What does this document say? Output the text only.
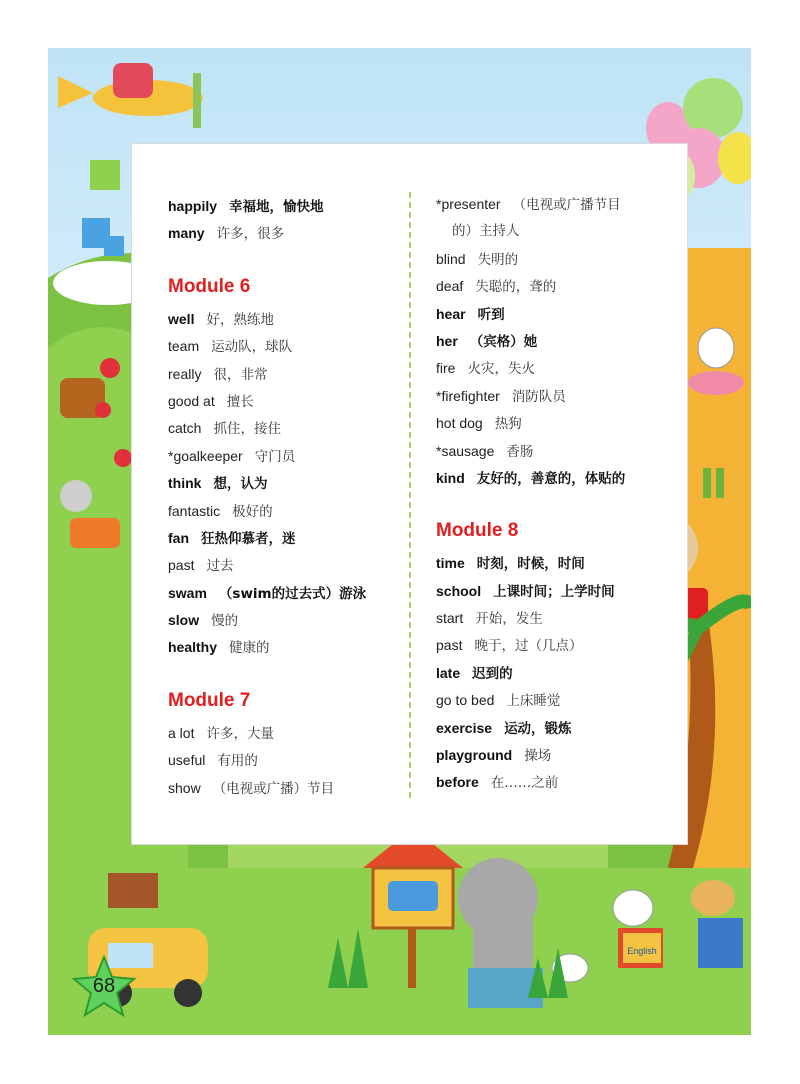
English
happily 幸福地，愉快地
many 许多，很多
Module 6
well 好，熟练地
team 运动队，球队
really 很，非常
good at 擅长
catch 抓住，接住
*goalkeeper 守门员
think 想，认为
fantastic 极好的
fan 狂热仰慕者，迷
past 过去
swam （swim的过去式）游泳
slow 慢的
healthy 健康的
Module 7
a lot 许多，大量
useful 有用的
show （电视或广播）节目
*presenter （电视或广播节目
的）主持人
blind 失明的
deaf 失聪的，聋的
hear 听到
her （宾格）她
fire 火灾，失火
*firefighter 消防队员
hot dog 热狗
*sausage 香肠
kind 友好的，善意的，体贴的
Module 8
time 时刻，时候，时间
school 上课时间；上学时间
start 开始，发生
past 晚于，过（几点）
late 迟到的
go to bed 上床睡觉
exercise 运动，锻炼
playground 操场
before 在……之前
68
